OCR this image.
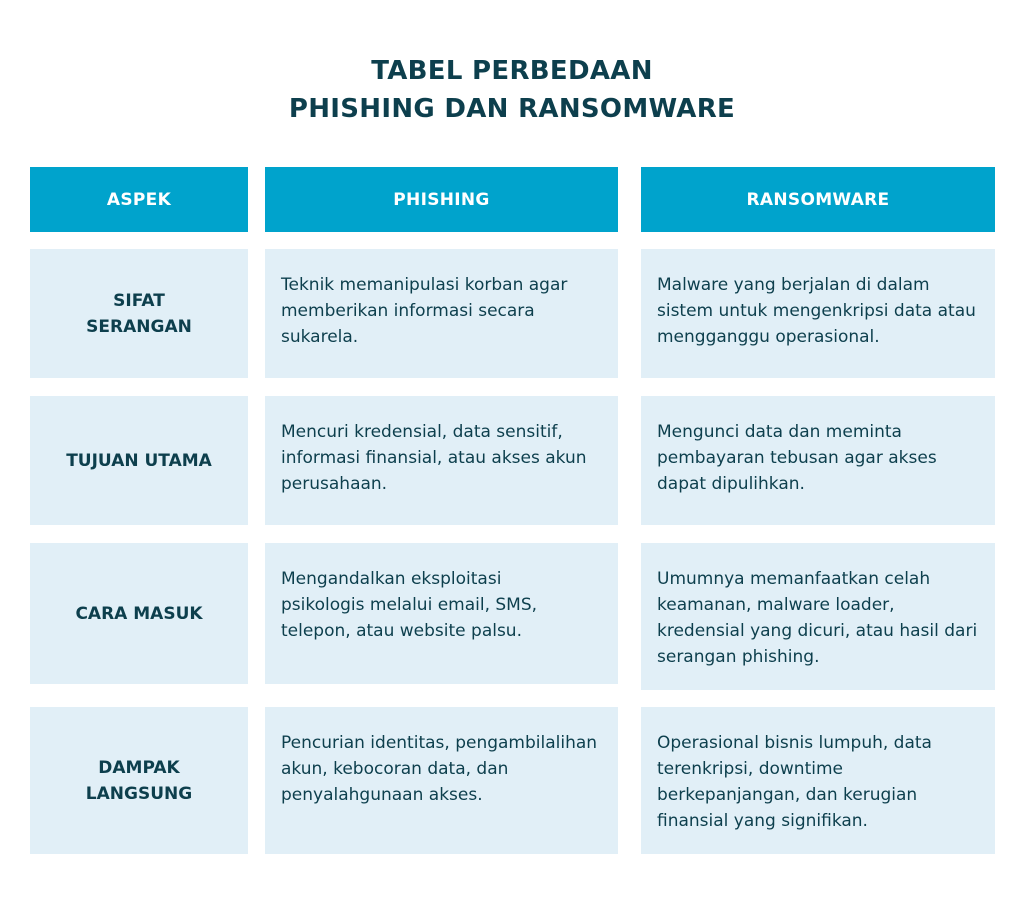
TABEL PERBEDAAN
PHISHING DAN RANSOMWARE
ASPEK	PHISHING	RANSOMWARE
SIFAT SERANGAN
Teknik memanipulasi korban agar memberikan informasi secara sukarela.
Malware yang berjalan di dalam sistem untuk mengenkripsi data atau mengganggu operasional.
TUJUAN UTAMA
Mencuri kredensial, data sensitif, informasi finansial, atau akses akun perusahaan.
Mengunci data dan meminta pembayaran tebusan agar akses dapat dipulihkan.
CARA MASUK
Mengandalkan eksploitasi psikologis melalui email, SMS, telepon, atau website palsu.
Umumnya memanfaatkan celah keamanan, malware loader, kredensial yang dicuri, atau hasil dari serangan phishing.
DAMPAK LANGSUNG
Pencurian identitas, pengambilalihan akun, kebocoran data, dan penyalahgunaan akses.
Operasional bisnis lumpuh, data terenkripsi, downtime berkepanjangan, dan kerugian finansial yang signifikan.
